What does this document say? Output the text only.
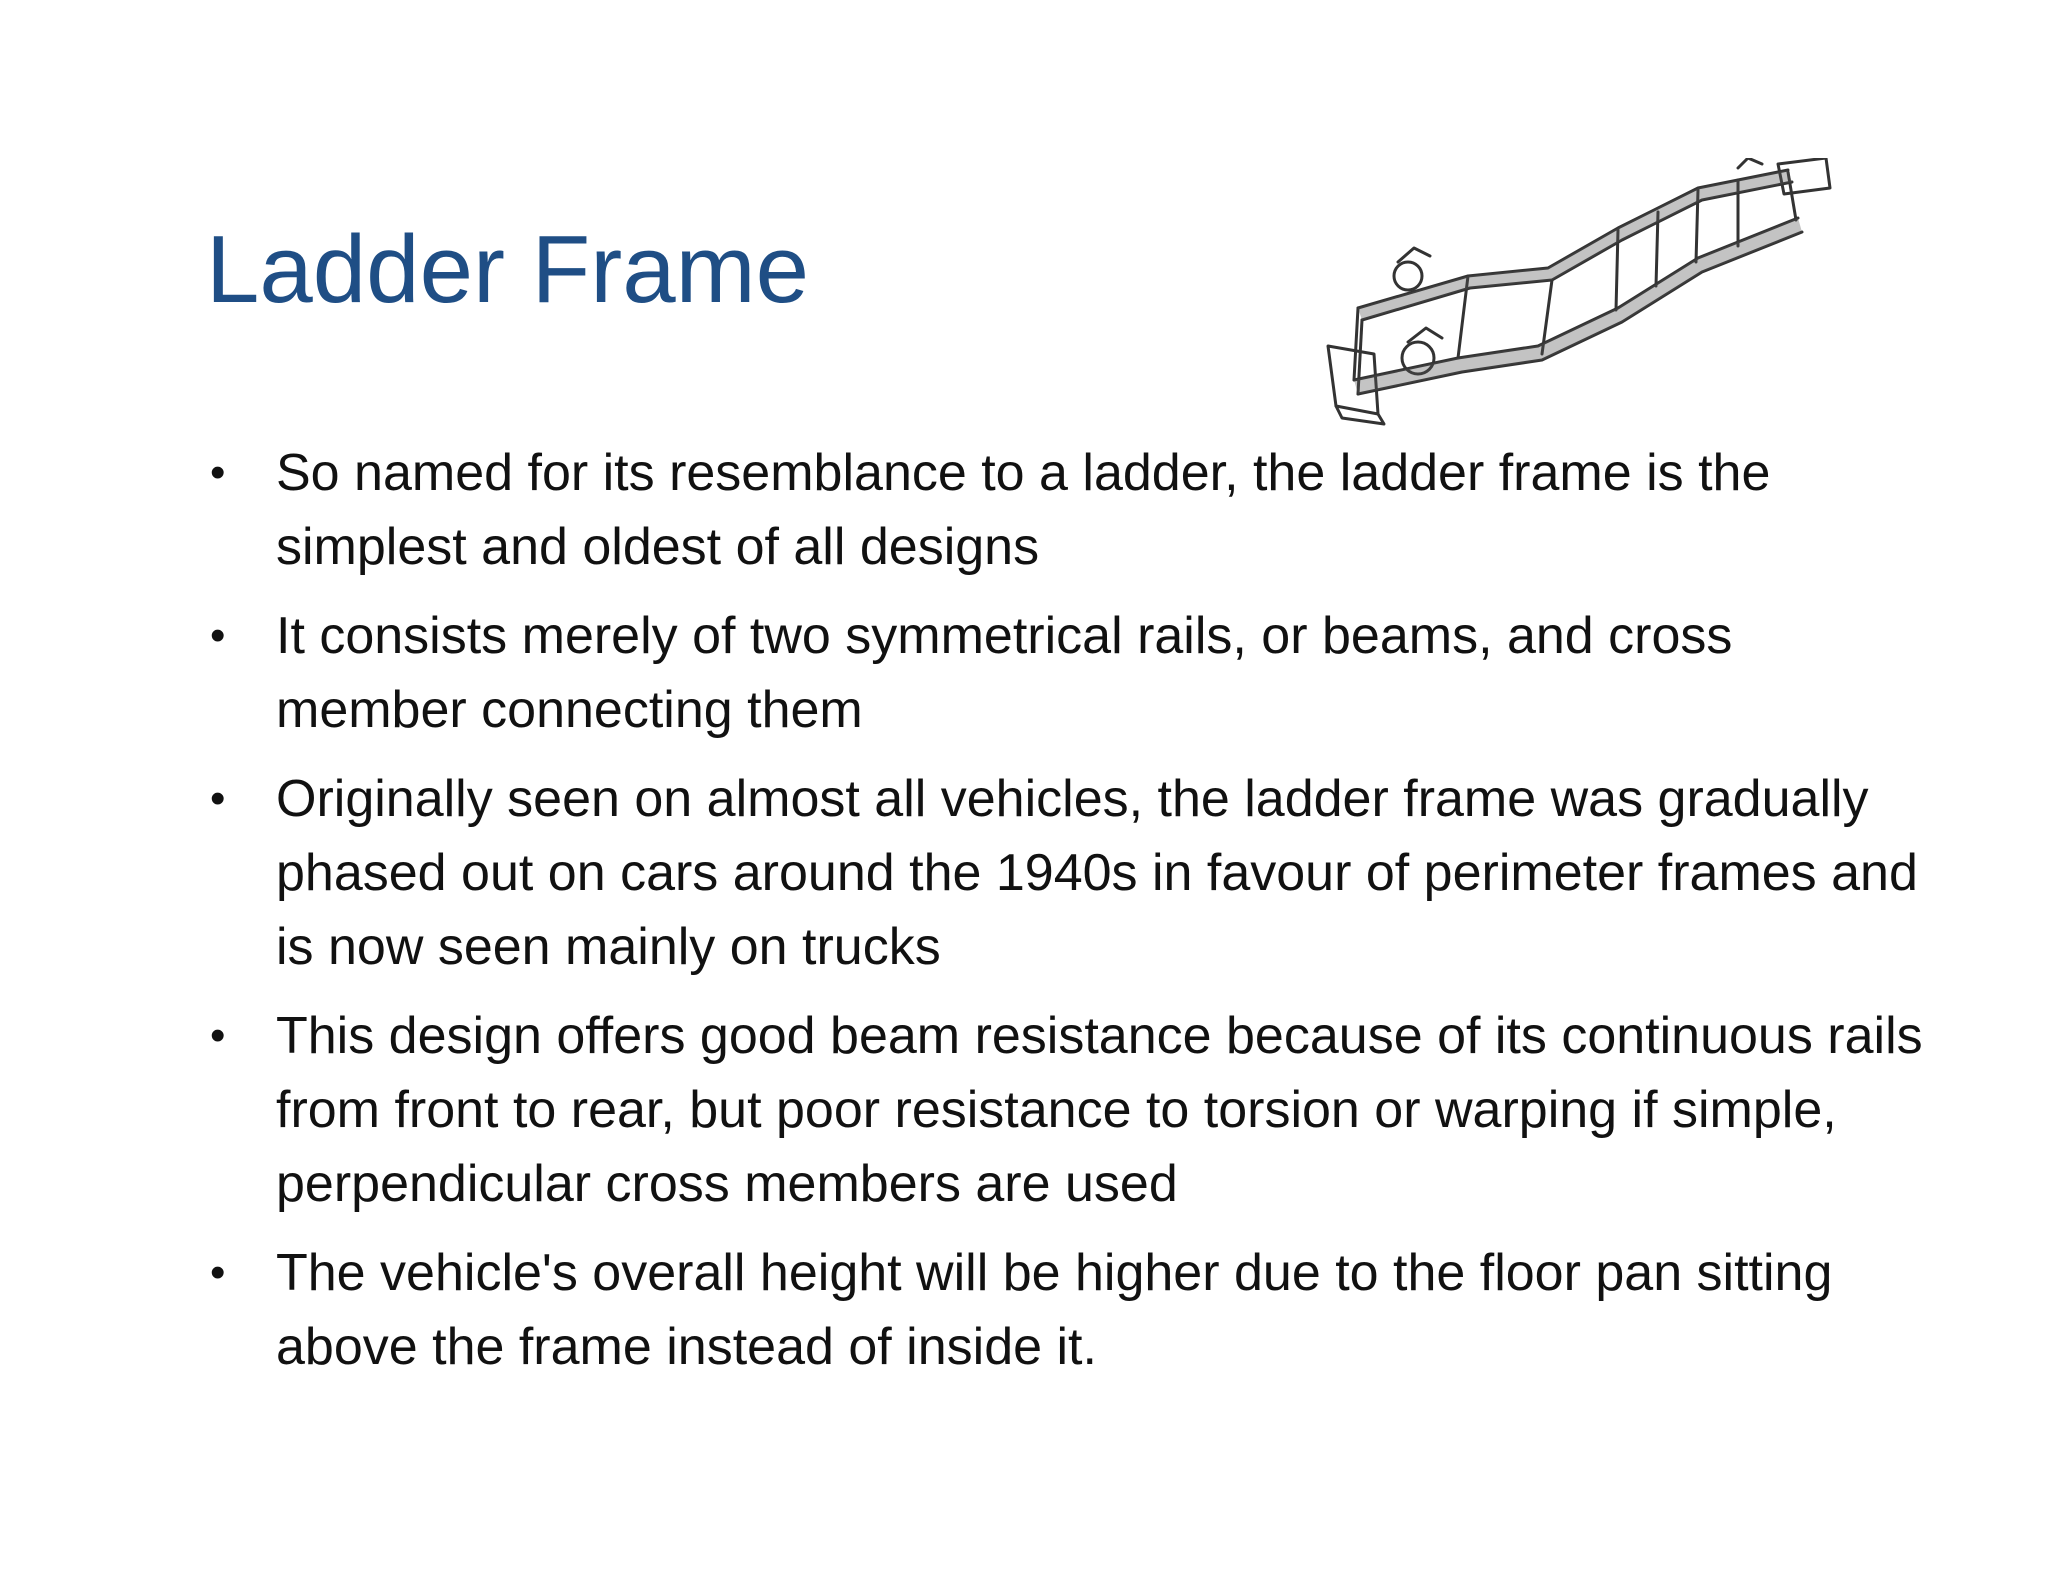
Ladder Frame
• So named for its resemblance to a ladder, the ladder frame is the simplest and oldest of all designs
• It consists merely of two symmetrical rails, or beams, and cross member connecting them
• Originally seen on almost all vehicles, the ladder frame was gradually phased out on cars around the 1940s in favour of perimeter frames and is now seen mainly on trucks
• This design offers good beam resistance because of its continuous rails from front to rear, but poor resistance to torsion or warping if simple, perpendicular cross members are used
• The vehicle's overall height will be higher due to the floor pan sitting above the frame instead of inside it.
